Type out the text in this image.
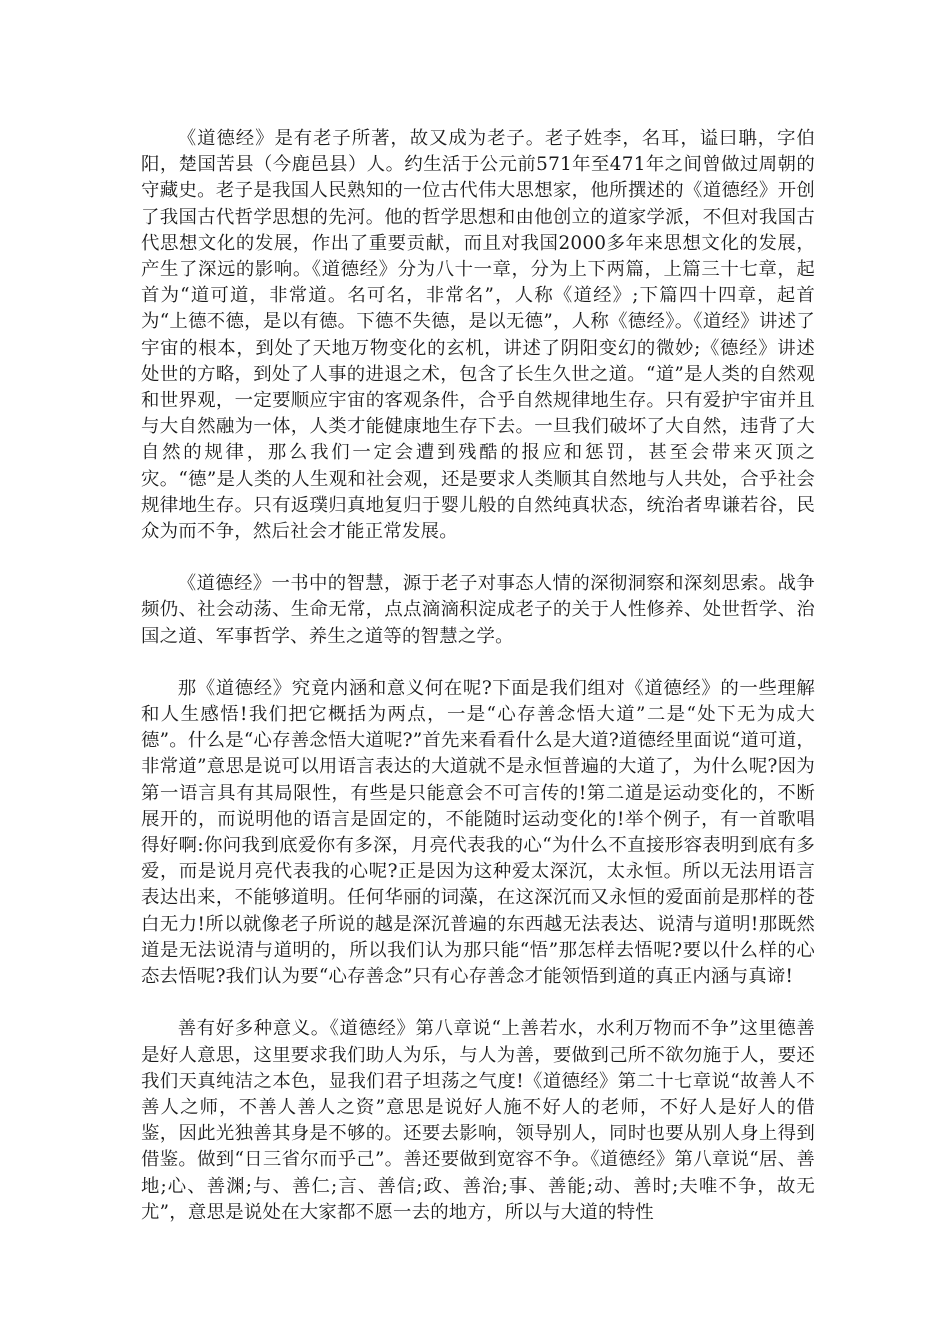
《道德经》是有老子所著，故又成为老子。老子姓李，名耳，谥曰聃，字伯阳，楚国苦县（今鹿邑县）人。约生活于公元前571年至471年之间曾做过周朝的守藏史。老子是我国人民熟知的一位古代伟大思想家，他所撰述的《道德经》开创了我国古代哲学思想的先河。他的哲学思想和由他创立的道家学派，不但对我国古代思想文化的发展，作出了重要贡献，而且对我国2000多年来思想文化的发展，产生了深远的影响。《道德经》分为八十一章，分为上下两篇，上篇三十七章，起首为“道可道，非常道。名可名，非常名”，人称《道经》;下篇四十四章，起首为“上德不德，是以有德。下德不失德，是以无德”，人称《德经》。《道经》讲述了宇宙的根本，到处了天地万物变化的玄机，讲述了阴阳变幻的微妙;《德经》讲述处世的方略，到处了人事的进退之术，包含了长生久世之道。“道”是人类的自然观和世界观，一定要顺应宇宙的客观条件，合乎自然规律地生存。只有爱护宇宙并且与大自然融为一体，人类才能健康地生存下去。一旦我们破坏了大自然，违背了大自然的规律，那么我们一定会遭到残酷的报应和惩罚，甚至会带来灭顶之灾。“德”是人类的人生观和社会观，还是要求人类顺其自然地与人共处，合乎社会规律地生存。只有返璞归真地复归于婴儿般的自然纯真状态，统治者卑谦若谷，民众为而不争，然后社会才能正常发展。

《道德经》一书中的智慧，源于老子对事态人情的深彻洞察和深刻思索。战争频仍、社会动荡、生命无常，点点滴滴积淀成老子的关于人性修养、处世哲学、治国之道、军事哲学、养生之道等的智慧之学。

那《道德经》究竟内涵和意义何在呢?下面是我们组对《道德经》的一些理解和人生感悟!我们把它概括为两点，一是“心存善念悟大道”二是“处下无为成大德”。什么是“心存善念悟大道呢?”首先来看看什么是大道?道德经里面说“道可道，非常道”意思是说可以用语言表达的大道就不是永恒普遍的大道了，为什么呢?因为第一语言具有其局限性，有些是只能意会不可言传的!第二道是运动变化的，不断展开的，而说明他的语言是固定的，不能随时运动变化的!举个例子，有一首歌唱得好啊:你问我到底爱你有多深，月亮代表我的心“为什么不直接形容表明到底有多爱，而是说月亮代表我的心呢?正是因为这种爱太深沉，太永恒。所以无法用语言表达出来，不能够道明。任何华丽的词藻，在这深沉而又永恒的爱面前是那样的苍白无力!所以就像老子所说的越是深沉普遍的东西越无法表达、说清与道明!那既然道是无法说清与道明的，所以我们认为那只能“悟”那怎样去悟呢?要以什么样的心态去悟呢?我们认为要“心存善念”只有心存善念才能领悟到道的真正内涵与真谛!

善有好多种意义。《道德经》第八章说“上善若水，水利万物而不争”这里德善是好人意思，这里要求我们助人为乐，与人为善，要做到己所不欲勿施于人，要还我们天真纯洁之本色，显我们君子坦荡之气度!《道德经》第二十七章说“故善人不善人之师，不善人善人之资”意思是说好人施不好人的老师，不好人是好人的借鉴，因此光独善其身是不够的。还要去影响，领导别人，同时也要从别人身上得到借鉴。做到“日三省尔而乎己”。善还要做到宽容不争。《道德经》第八章说“居、善地;心、善渊;与、善仁;言、善信;政、善治;事、善能;动、善时;夫唯不争，故无尤”，意思是说处在大家都不愿一去的地方，所以与大道的特性
